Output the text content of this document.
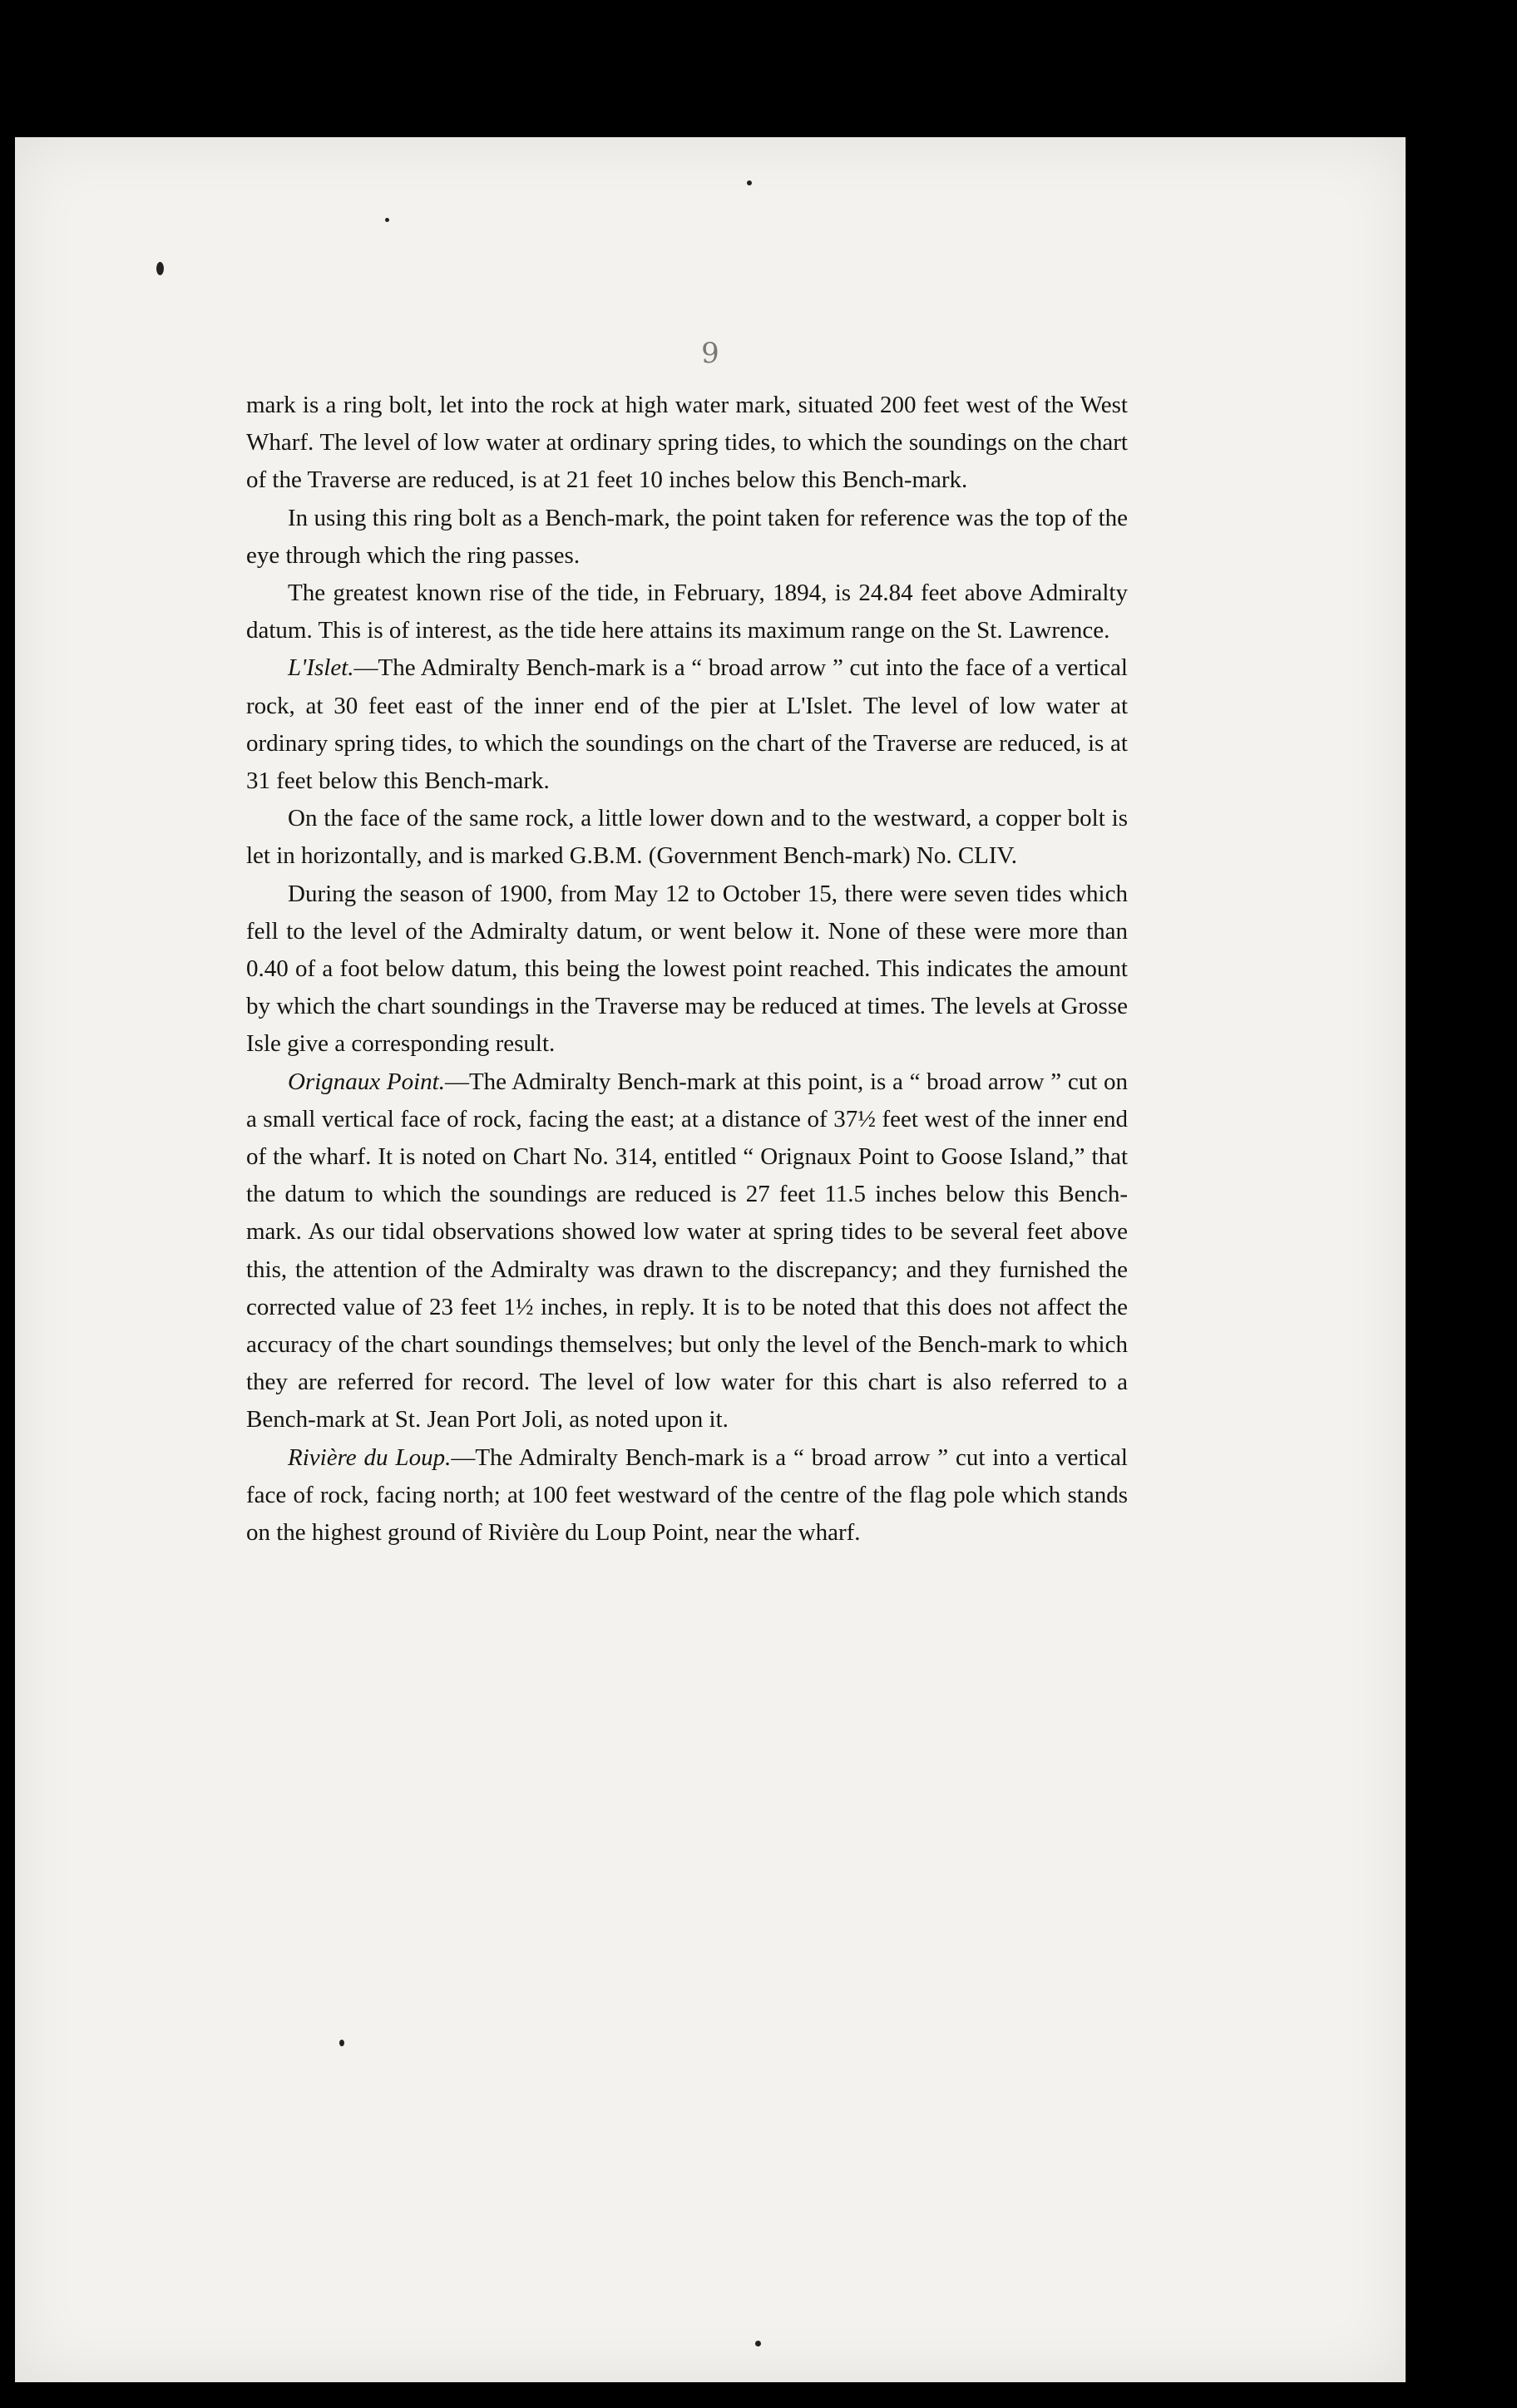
9

mark is a ring bolt, let into the rock at high water mark, situated 200 feet west of the West Wharf. The level of low water at ordinary spring tides, to which the soundings on the chart of the Traverse are reduced, is at 21 feet 10 inches below this Bench-mark.

In using this ring bolt as a Bench-mark, the point taken for reference was the top of the eye through which the ring passes.

The greatest known rise of the tide, in February, 1894, is 24.84 feet above Admiralty datum. This is of interest, as the tide here attains its maximum range on the St. Lawrence.

L'Islet.—The Admiralty Bench-mark is a “ broad arrow ” cut into the face of a vertical rock, at 30 feet east of the inner end of the pier at L'Islet. The level of low water at ordinary spring tides, to which the soundings on the chart of the Traverse are reduced, is at 31 feet below this Bench-mark.

On the face of the same rock, a little lower down and to the westward, a copper bolt is let in horizontally, and is marked G.B.M. (Government Bench-mark) No. CLIV.

During the season of 1900, from May 12 to October 15, there were seven tides which fell to the level of the Admiralty datum, or went below it. None of these were more than 0.40 of a foot below datum, this being the lowest point reached. This indicates the amount by which the chart soundings in the Traverse may be reduced at times. The levels at Grosse Isle give a corresponding result.

Orignaux Point.—The Admiralty Bench-mark at this point, is a “ broad arrow ” cut on a small vertical face of rock, facing the east; at a distance of 37½ feet west of the inner end of the wharf. It is noted on Chart No. 314, entitled “ Orignaux Point to Goose Island,” that the datum to which the soundings are reduced is 27 feet 11.5 inches below this Bench-mark. As our tidal observations showed low water at spring tides to be several feet above this, the attention of the Admiralty was drawn to the discrepancy; and they furnished the corrected value of 23 feet 1½ inches, in reply. It is to be noted that this does not affect the accuracy of the chart soundings themselves; but only the level of the Bench-mark to which they are referred for record. The level of low water for this chart is also referred to a Bench-mark at St. Jean Port Joli, as noted upon it.

Rivière du Loup.—The Admiralty Bench-mark is a “ broad arrow ” cut into a vertical face of rock, facing north; at 100 feet westward of the centre of the flag pole which stands on the highest ground of Rivière du Loup Point, near the wharf.
